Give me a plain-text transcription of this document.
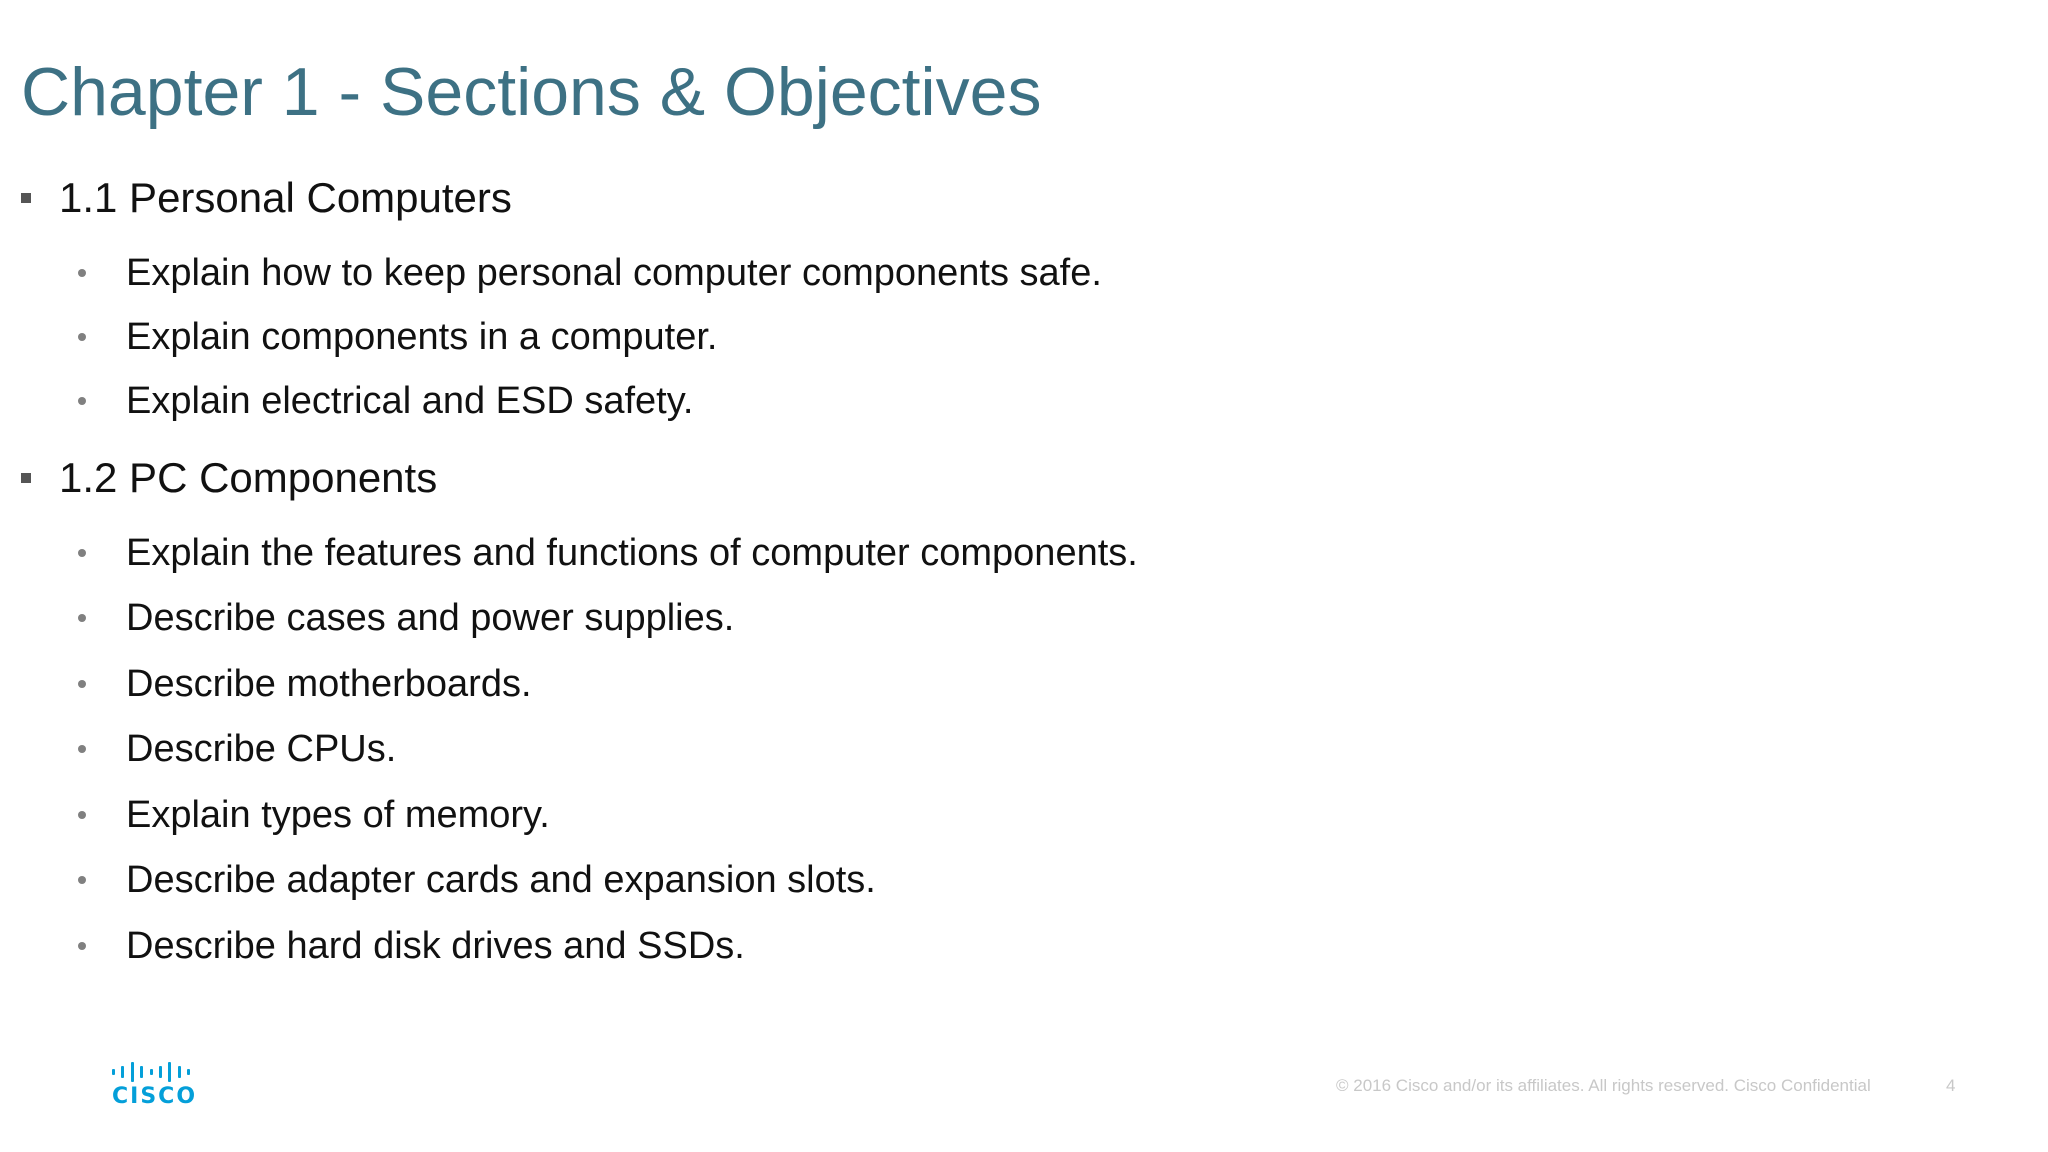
Chapter 1 - Sections & Objectives
1.1 Personal Computers
Explain how to keep personal computer components safe.
Explain components in a computer.
Explain electrical and ESD safety.
1.2 PC Components
Explain the features and functions of computer components.
Describe cases and power supplies.
Describe motherboards.
Describe CPUs.
Explain types of memory.
Describe adapter cards and expansion slots.
Describe hard disk drives and SSDs.
CISCO	© 2016 Cisco and/or its affiliates. All rights reserved. Cisco Confidential	4
